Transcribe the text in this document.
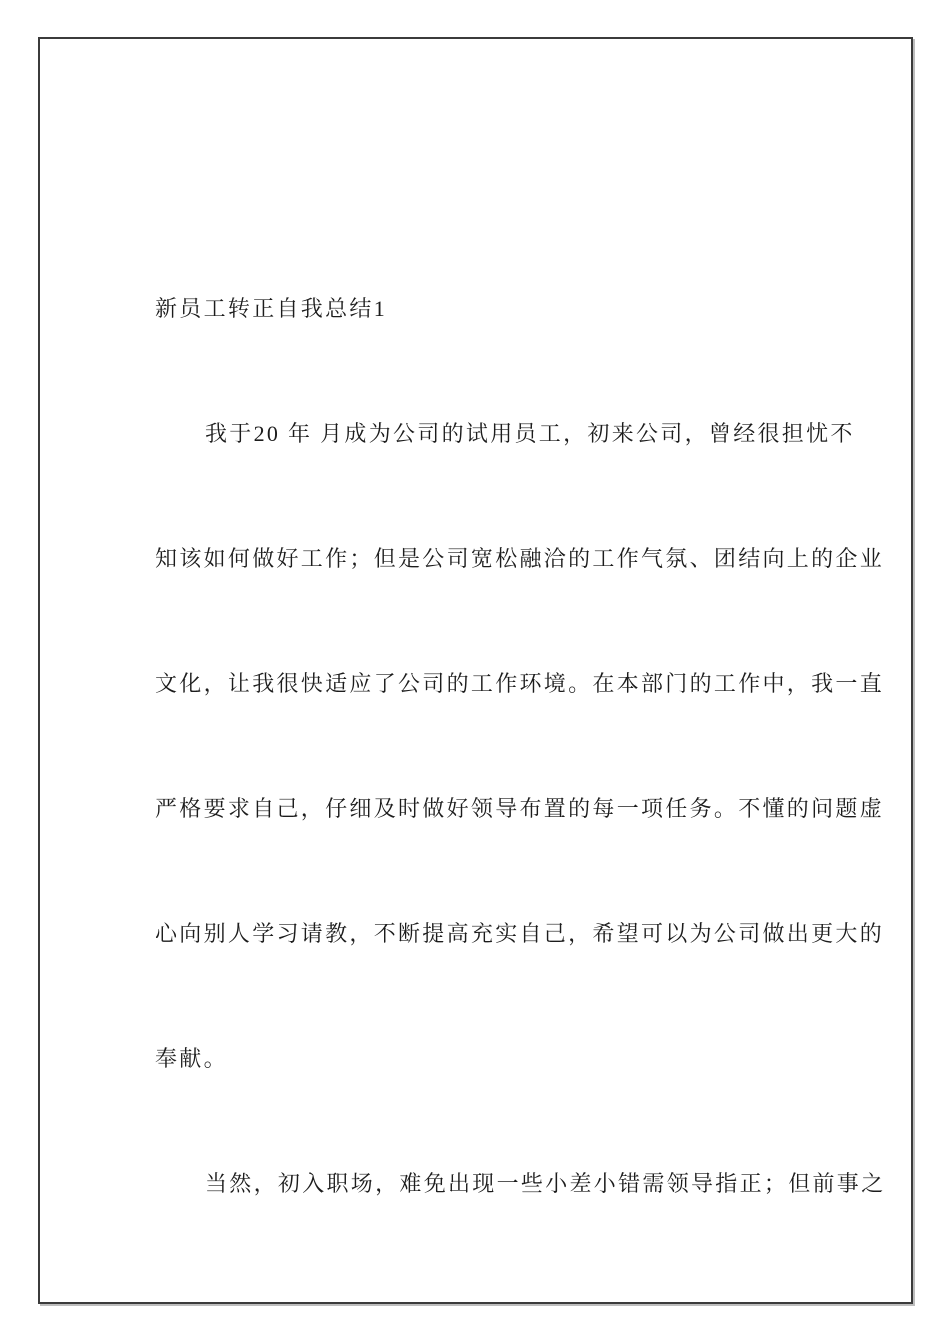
新员工转正自我总结1
我于20 年 月成为公司的试用员工，初来公司，曾经很担忧不
知该如何做好工作；但是公司宽松融洽的工作气氛、团结向上的企业
文化，让我很快适应了公司的工作环境。在本部门的工作中，我一直
严格要求自己，仔细及时做好领导布置的每一项任务。不懂的问题虚
心向别人学习请教，不断提高充实自己，希望可以为公司做出更大的
奉献。
当然，初入职场，难免出现一些小差小错需领导指正；但前事之
